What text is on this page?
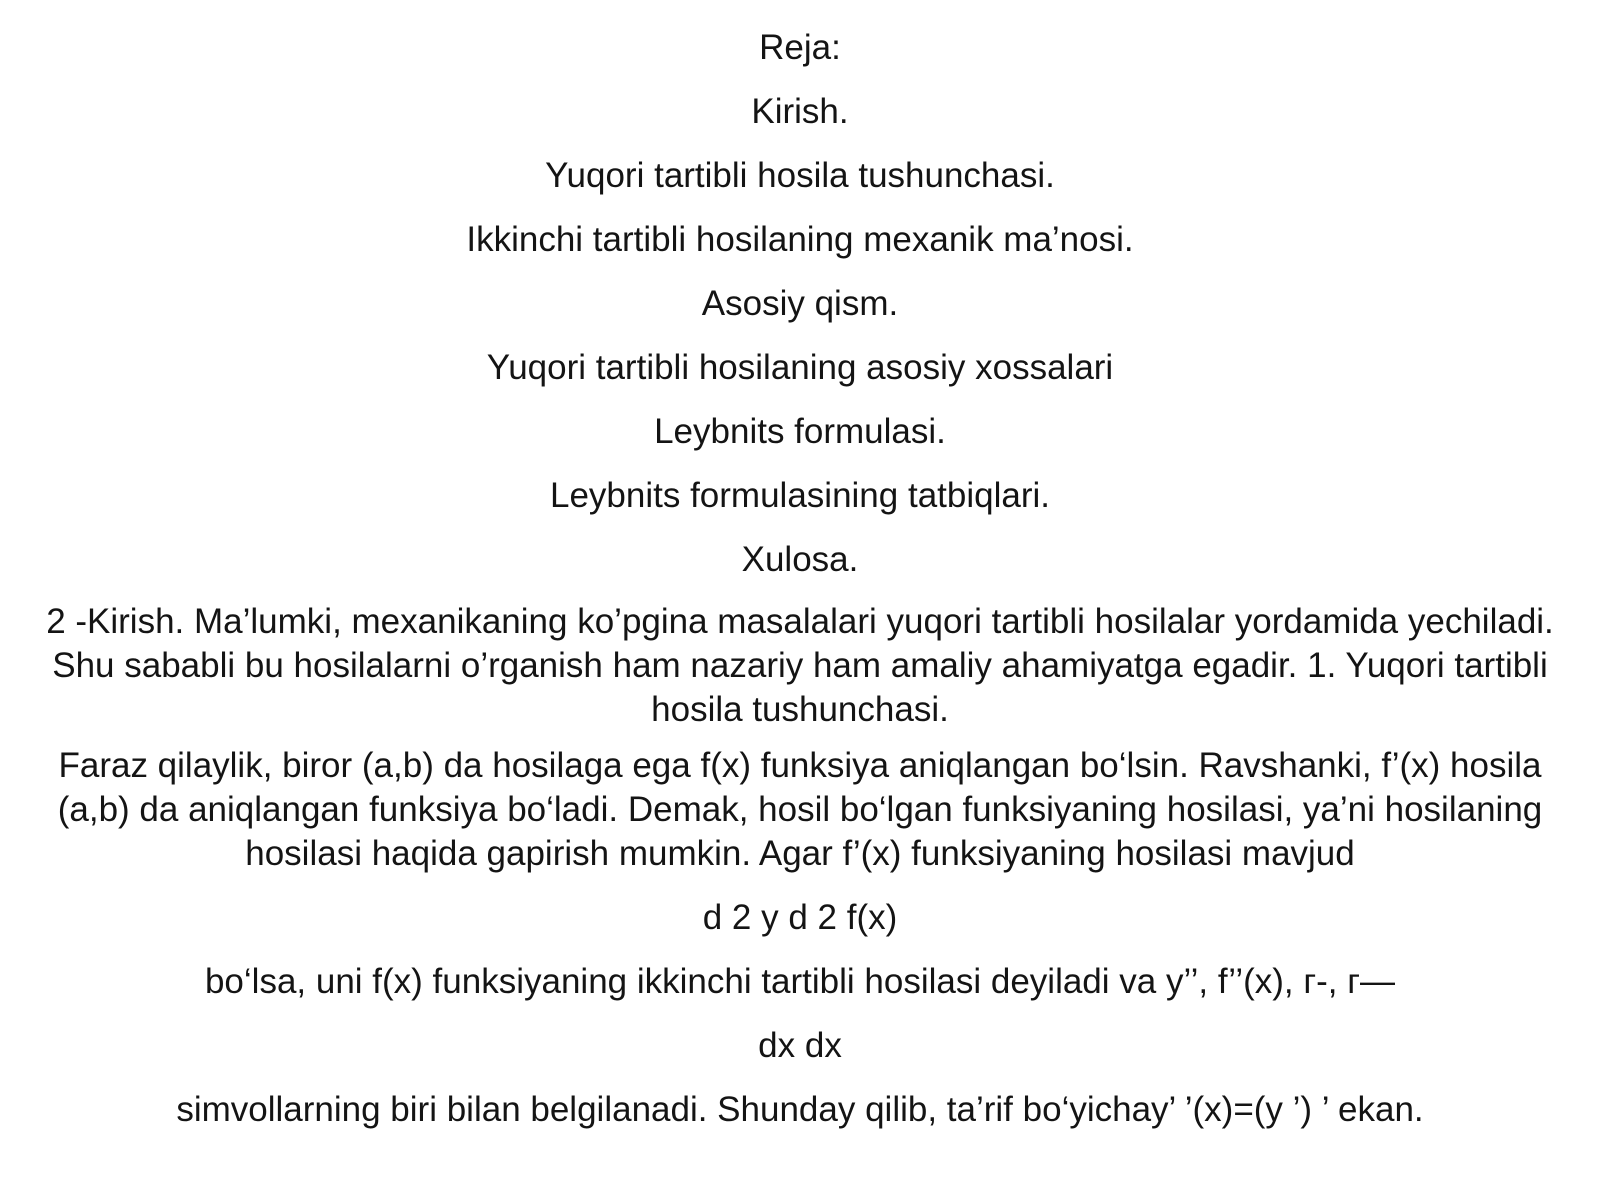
Reja:
Kirish.
Yuqori tartibli hosila tushunchasi.
Ikkinchi tartibli hosilaning mexanik ma’nosi.
Asosiy qism.
Yuqori tartibli hosilaning asosiy xossalari
Leybnits formulasi.
Leybnits formulasining tatbiqlari.
Xulosa.

2 -Kirish. Ma’lumki, mexanikaning ko’pgina masalalari yuqori tartibli hosilalar yordamida yechiladi. Shu sababli bu hosilalarni o’rganish ham nazariy ham amaliy ahamiyatga egadir. 1. Yuqori tartibli hosila tushunchasi.

Faraz qilaylik, biror (a,b) da hosilaga ega f(x) funksiya aniqlangan bo‘lsin. Ravshanki, f’(x) hosila (a,b) da aniqlangan funksiya bo‘ladi. Demak, hosil bo‘lgan funksiyaning hosilasi, ya’ni hosilaning hosilasi haqida gapirish mumkin. Agar f’(x) funksiyaning hosilasi mavjud

d 2 y d 2 f(x)
bo‘lsa, uni f(x) funksiyaning ikkinchi tartibli hosilasi deyiladi va y’’, f’’(x), г-, г—
dx dx
simvollarning biri bilan belgilanadi. Shunday qilib, ta’rif bo‘yichay’ ’(x)=(y ’) ’ ekan.
